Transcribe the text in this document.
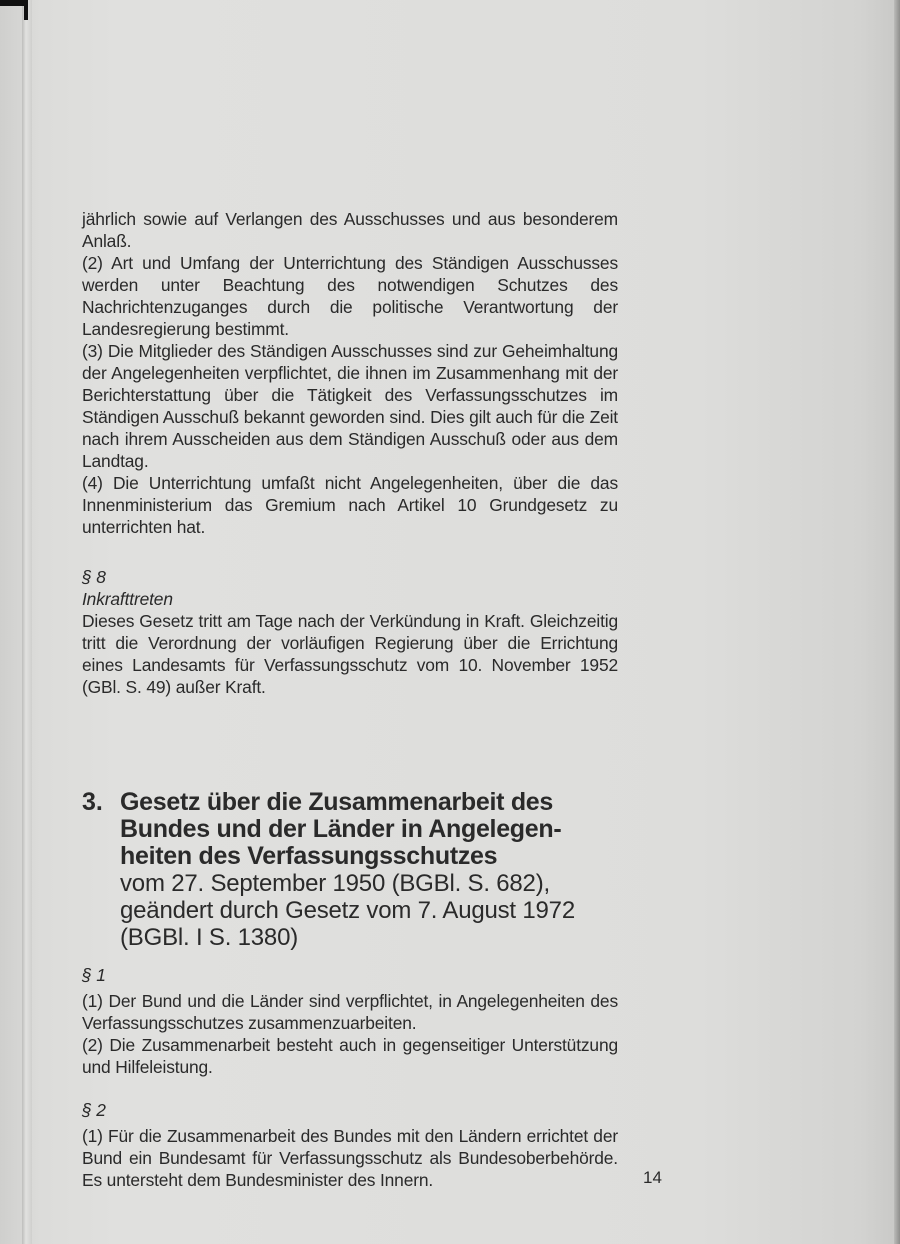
jährlich sowie auf Verlangen des Ausschusses und aus besonderem Anlaß.

(2) Art und Umfang der Unterrichtung des Ständigen Ausschusses werden unter Beachtung des notwendigen Schutzes des Nachrichtenzuganges durch die politische Verantwortung der Landesregierung bestimmt.

(3) Die Mitglieder des Ständigen Ausschusses sind zur Geheimhaltung der Angelegenheiten verpflichtet, die ihnen im Zusammenhang mit der Berichterstattung über die Tätigkeit des Verfassungsschutzes im Ständigen Ausschuß bekannt geworden sind. Dies gilt auch für die Zeit nach ihrem Ausscheiden aus dem Ständigen Ausschuß oder aus dem Landtag.

(4) Die Unterrichtung umfaßt nicht Angelegenheiten, über die das Innenministerium das Gremium nach Artikel 10 Grundgesetz zu unterrichten hat.

§ 8

Inkrafttreten

Dieses Gesetz tritt am Tage nach der Verkündung in Kraft. Gleichzeitig tritt die Verordnung der vorläufigen Regierung über die Errichtung eines Landesamts für Verfassungsschutz vom 10. November 1952 (GBl. S. 49) außer Kraft.

3. Gesetz über die Zusammenarbeit des
Bundes und der Länder in Angelegen-
heiten des Verfassungsschutzes
vom 27. September 1950 (BGBl. S. 682),
geändert durch Gesetz vom 7. August 1972
(BGBl. I S. 1380)

§ 1

(1) Der Bund und die Länder sind verpflichtet, in Angelegenheiten des Verfassungsschutzes zusammenzuarbeiten.

(2) Die Zusammenarbeit besteht auch in gegenseitiger Unterstützung und Hilfeleistung.

§ 2

(1) Für die Zusammenarbeit des Bundes mit den Ländern errichtet der Bund ein Bundesamt für Verfassungsschutz als Bundesoberbehörde. Es untersteht dem Bundesminister des Innern.	14
